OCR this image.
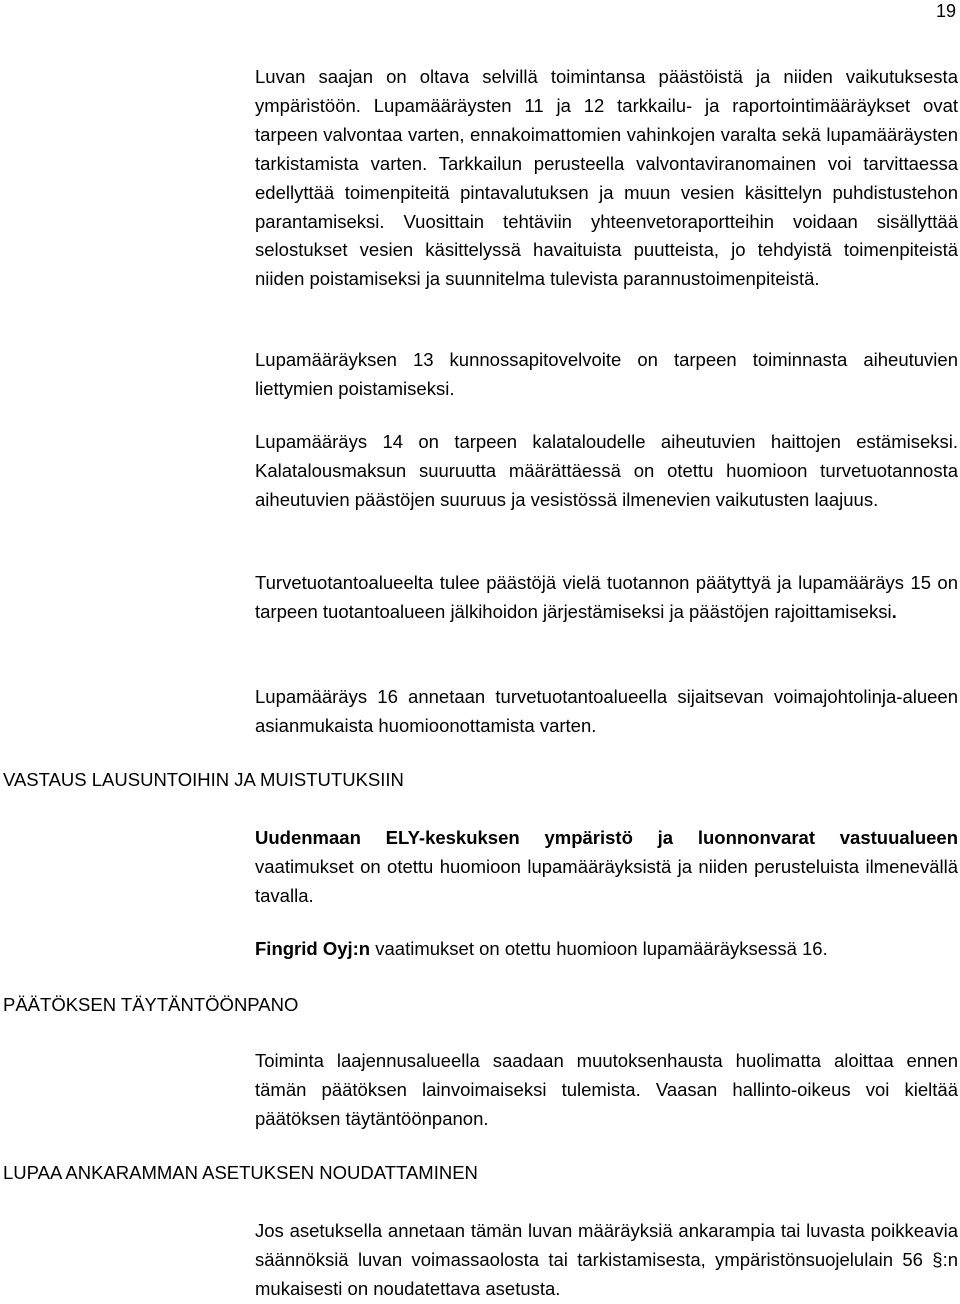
19

Luvan saajan on oltava selvillä toimintansa päästöistä ja niiden vaikutuksesta ympäristöön. Lupamääräysten 11 ja 12 tarkkailu- ja raportointimääräykset ovat tarpeen valvontaa varten, ennakoimattomien vahinkojen varalta sekä lupamääräysten tarkistamista varten. Tarkkailun perusteella valvontaviranomainen voi tarvittaessa edellyttää toimenpiteitä pintavalutuksen ja muun vesien käsittelyn puhdistustehon parantamiseksi. Vuosittain tehtäviin yhteenvetoraportteihin voidaan sisällyttää selostukset vesien käsittelyssä havaituista puutteista, jo tehdyistä toimenpiteistä niiden poistamiseksi ja suunnitelma tulevista parannustoimenpiteistä.

Lupamääräyksen 13 kunnossapitovelvoite on tarpeen toiminnasta aiheutuvien liettymien poistamiseksi.

Lupamääräys 14 on tarpeen kalataloudelle aiheutuvien haittojen estämiseksi. Kalatalousmaksun suuruutta määrättäessä on otettu huomioon turvetuotannosta aiheutuvien päästöjen suuruus ja vesistössä ilmenevien vaikutusten laajuus.

Turvetuotantoalueelta tulee päästöjä vielä tuotannon päätyttyä ja lupamääräys 15 on tarpeen tuotantoalueen jälkihoidon järjestämiseksi ja päästöjen rajoittamiseksi.

Lupamääräys 16 annetaan turvetuotantoalueella sijaitsevan voimajohtolinja-alueen asianmukaista huomioonottamista varten.

VASTAUS LAUSUNTOIHIN JA MUISTUTUKSIIN

Uudenmaan ELY-keskuksen ympäristö ja luonnonvarat vastuualueen vaatimukset on otettu huomioon lupamääräyksistä ja niiden perusteluista ilmenevällä tavalla.

Fingrid Oyj:n vaatimukset on otettu huomioon lupamääräyksessä 16.

PÄÄTÖKSEN TÄYTÄNTÖÖNPANO

Toiminta laajennusalueella saadaan muutoksenhausta huolimatta aloittaa ennen tämän päätöksen lainvoimaiseksi tulemista. Vaasan hallinto-oikeus voi kieltää päätöksen täytäntöönpanon.

LUPAA ANKARAMMAN ASETUKSEN NOUDATTAMINEN

Jos asetuksella annetaan tämän luvan määräyksiä ankarampia tai luvasta poikkeavia säännöksiä luvan voimassaolosta tai tarkistamisesta, ympäristönsuojelulain 56 §:n mukaisesti on noudatettava asetusta.
